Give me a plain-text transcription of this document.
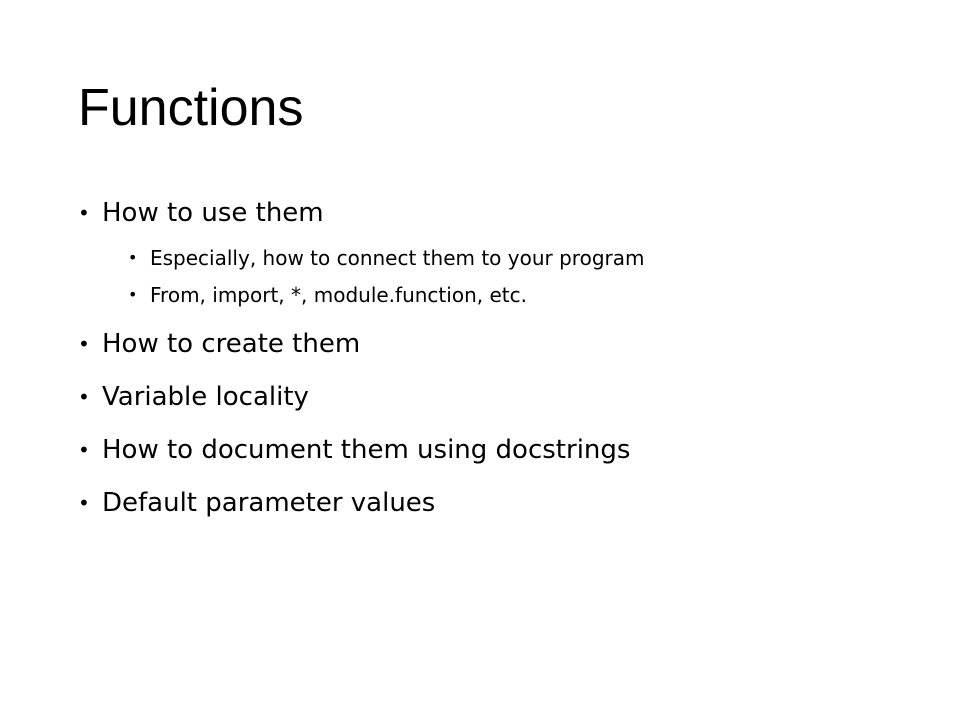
Functions
• How to use them
• Especially, how to connect them to your program
• From, import, *, module.function, etc.
• How to create them
• Variable locality
• How to document them using docstrings
• Default parameter values
